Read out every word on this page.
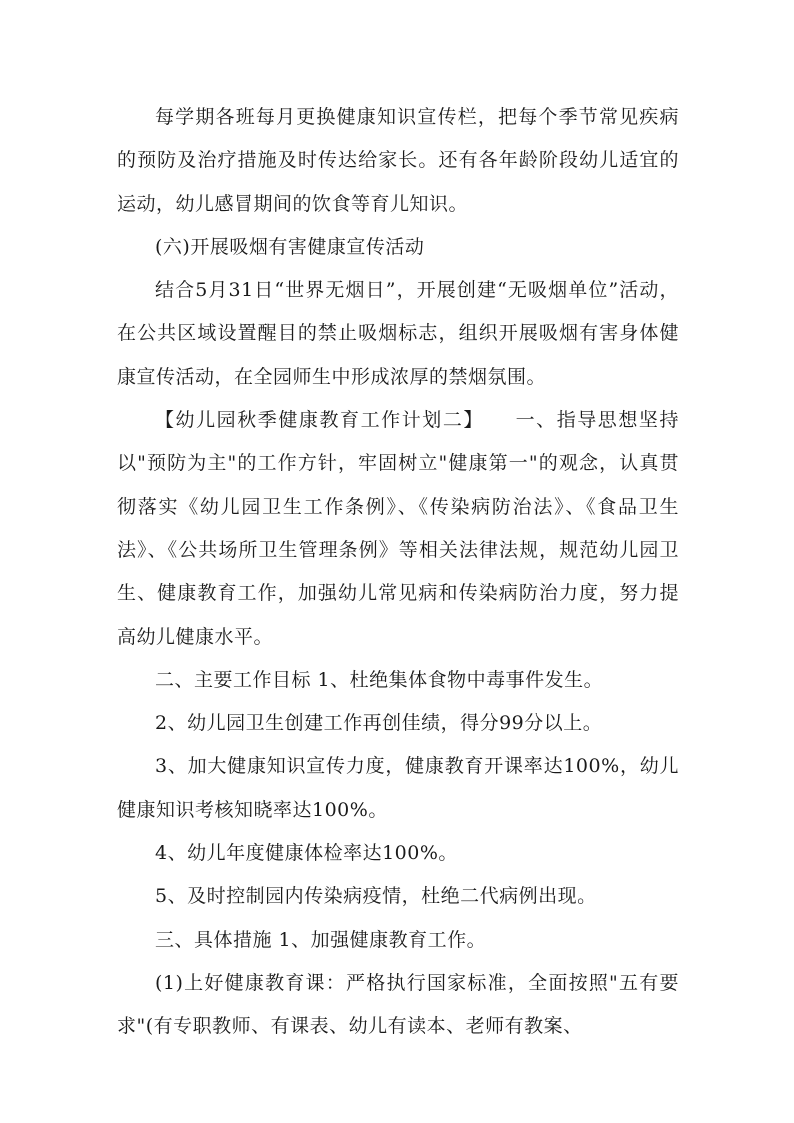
每学期各班每月更换健康知识宣传栏，把每个季节常见疾病的预防及治疗措施及时传达给家长。还有各年龄阶段幼儿适宜的运动，幼儿感冒期间的饮食等育儿知识。

(六)开展吸烟有害健康宣传活动

结合5月31日“世界无烟日”，开展创建“无吸烟单位”活动，在公共区域设置醒目的禁止吸烟标志，组织开展吸烟有害身体健康宣传活动，在全园师生中形成浓厚的禁烟氛围。

【幼儿园秋季健康教育工作计划二】　　一、指导思想坚持以"预防为主"的工作方针，牢固树立"健康第一"的观念，认真贯彻落实《幼儿园卫生工作条例》、《传染病防治法》、《食品卫生法》、《公共场所卫生管理条例》等相关法律法规，规范幼儿园卫生、健康教育工作，加强幼儿常见病和传染病防治力度，努力提高幼儿健康水平。

二、主要工作目标 1、杜绝集体食物中毒事件发生。

2、幼儿园卫生创建工作再创佳绩，得分99分以上。

3、加大健康知识宣传力度，健康教育开课率达100%，幼儿健康知识考核知晓率达100%。

4、幼儿年度健康体检率达100%。

5、及时控制园内传染病疫情，杜绝二代病例出现。

三、具体措施 1、加强健康教育工作。

(1)上好健康教育课：严格执行国家标准，全面按照"五有要求"(有专职教师、有课表、幼儿有读本、老师有教案、
